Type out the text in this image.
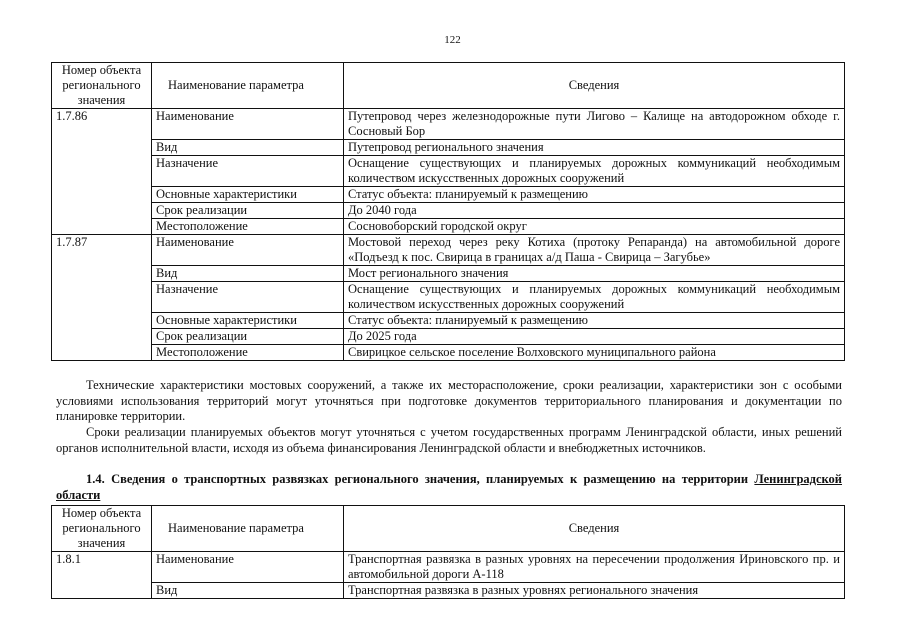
122
Номер объекта регионального значения	Наименование параметра	Сведения
1.7.86	Наименование	Путепровод через железнодорожные пути Лигово – Калище на автодорожном обходе г. Сосновый Бор
	Вид	Путепровод регионального значения
	Назначение	Оснащение существующих и планируемых дорожных коммуникаций необходимым количеством искусственных дорожных сооружений
	Основные характеристики	Статус объекта: планируемый к размещению
	Срок реализации	До 2040 года
	Местоположение	Сосновоборский городской округ
1.7.87	Наименование	Мостовой переход через реку Котиха (протоку Репаранда) на автомобильной дороге «Подъезд к пос. Свирица в границах а/д Паша - Свирица – Загубье»
	Вид	Мост регионального значения
	Назначение	Оснащение существующих и планируемых дорожных коммуникаций необходимым количеством искусственных дорожных сооружений
	Основные характеристики	Статус объекта: планируемый к размещению
	Срок реализации	До 2025 года
	Местоположение	Свирицкое сельское поселение Волховского муниципального района
Технические характеристики мостовых сооружений, а также их месторасположение, сроки реализации, характеристики зон с особыми условиями использования территорий могут уточняться при подготовке документов территориального планирования и документации по планировке территории.
Сроки реализации планируемых объектов могут уточняться с учетом государственных программ Ленинградской области, иных решений органов исполнительной власти, исходя из объема финансирования Ленинградской области и внебюджетных источников.
1.4. Сведения о транспортных развязках регионального значения, планируемых к размещению на территории Ленинградской области
Номер объекта регионального значения	Наименование параметра	Сведения
1.8.1	Наименование	Транспортная развязка в разных уровнях на пересечении продолжения Ириновского пр. и автомобильной дороги А-118
	Вид	Транспортная развязка в разных уровнях регионального значения
